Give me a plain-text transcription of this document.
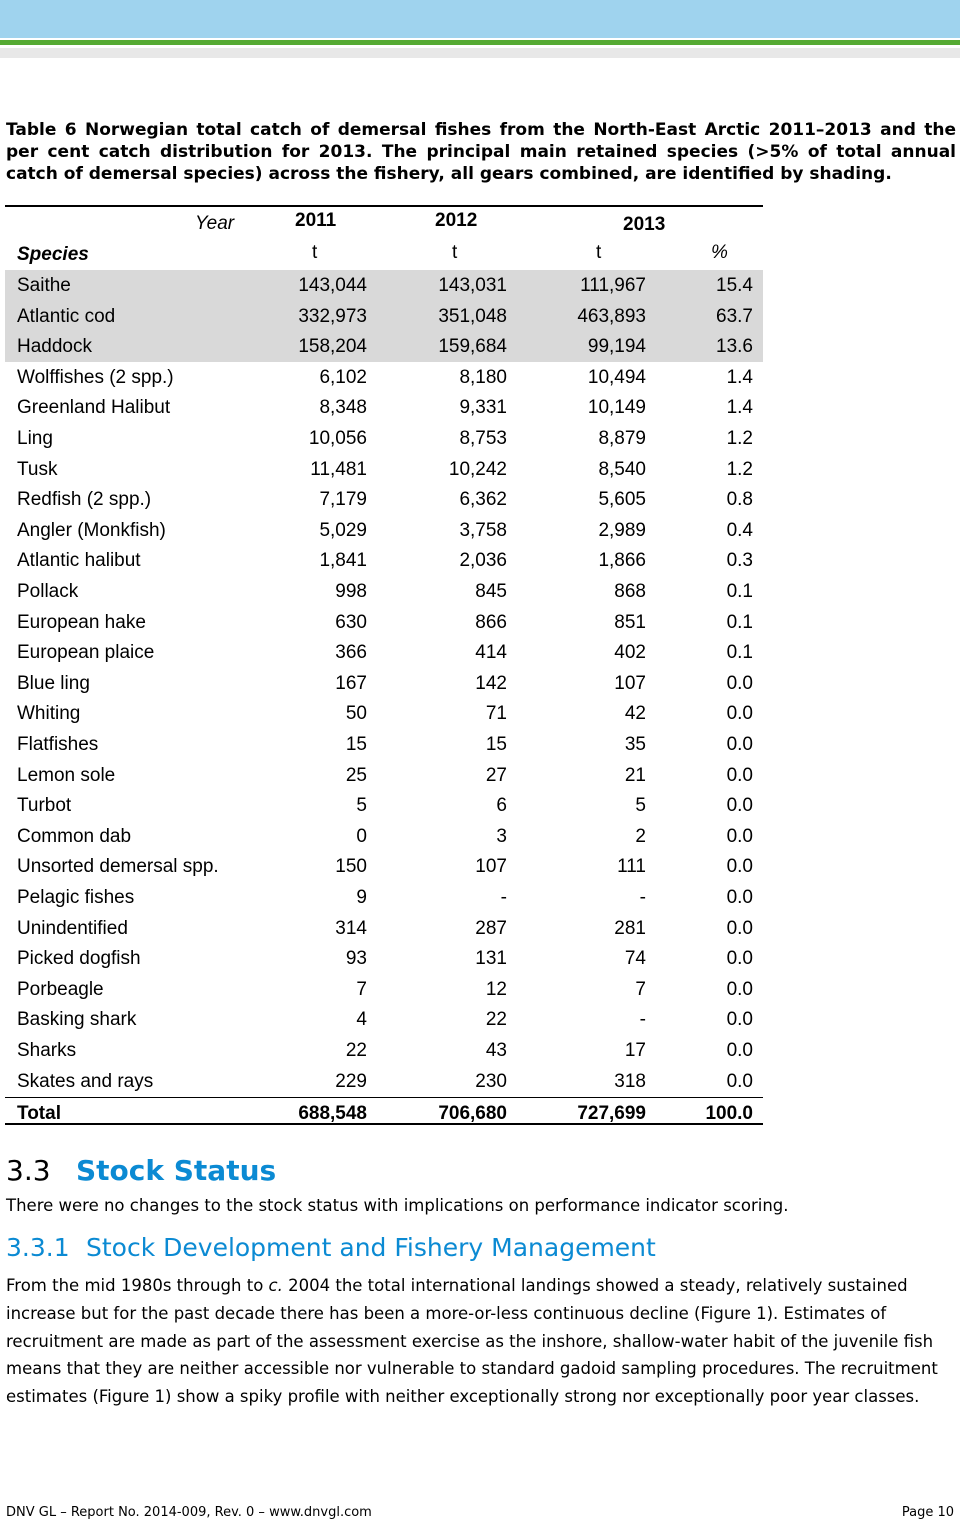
Table 6 Norwegian total catch of demersal fishes from the North-East Arctic 2011–2013 and the per cent catch distribution for 2013. The principal main retained species (>5% of total annual catch of demersal species) across the fishery, all gears combined, are identified by shading.
Year	2011	2012	2013
Species	t	t	t	%
Saithe	143,044	143,031	111,967	15.4
Atlantic cod	332,973	351,048	463,893	63.7
Haddock	158,204	159,684	99,194	13.6
Wolffishes (2 spp.)	6,102	8,180	10,494	1.4
Greenland Halibut	8,348	9,331	10,149	1.4
Ling	10,056	8,753	8,879	1.2
Tusk	11,481	10,242	8,540	1.2
Redfish (2 spp.)	7,179	6,362	5,605	0.8
Angler (Monkfish)	5,029	3,758	2,989	0.4
Atlantic halibut	1,841	2,036	1,866	0.3
Pollack	998	845	868	0.1
European hake	630	866	851	0.1
European plaice	366	414	402	0.1
Blue ling	167	142	107	0.0
Whiting	50	71	42	0.0
Flatfishes	15	15	35	0.0
Lemon sole	25	27	21	0.0
Turbot	5	6	5	0.0
Common dab	0	3	2	0.0
Unsorted demersal spp.	150	107	111	0.0
Pelagic fishes	9	-	-	0.0
Unindentified	314	287	281	0.0
Picked dogfish	93	131	74	0.0
Porbeagle	7	12	7	0.0
Basking shark	4	22	-	0.0
Sharks	22	43	17	0.0
Skates and rays	229	230	318	0.0
Total	688,548	706,680	727,699	100.0
3.3 Stock Status
There were no changes to the stock status with implications on performance indicator scoring.
3.3.1 Stock Development and Fishery Management
From the mid 1980s through to c. 2004 the total international landings showed a steady, relatively sustained increase but for the past decade there has been a more-or-less continuous decline (Figure 1). Estimates of recruitment are made as part of the assessment exercise as the inshore, shallow-water habit of the juvenile fish means that they are neither accessible nor vulnerable to standard gadoid sampling procedures. The recruitment estimates (Figure 1) show a spiky profile with neither exceptionally strong nor exceptionally poor year classes.
DNV GL – Report No. 2014-009, Rev. 0 – www.dnvgl.com	Page 10
